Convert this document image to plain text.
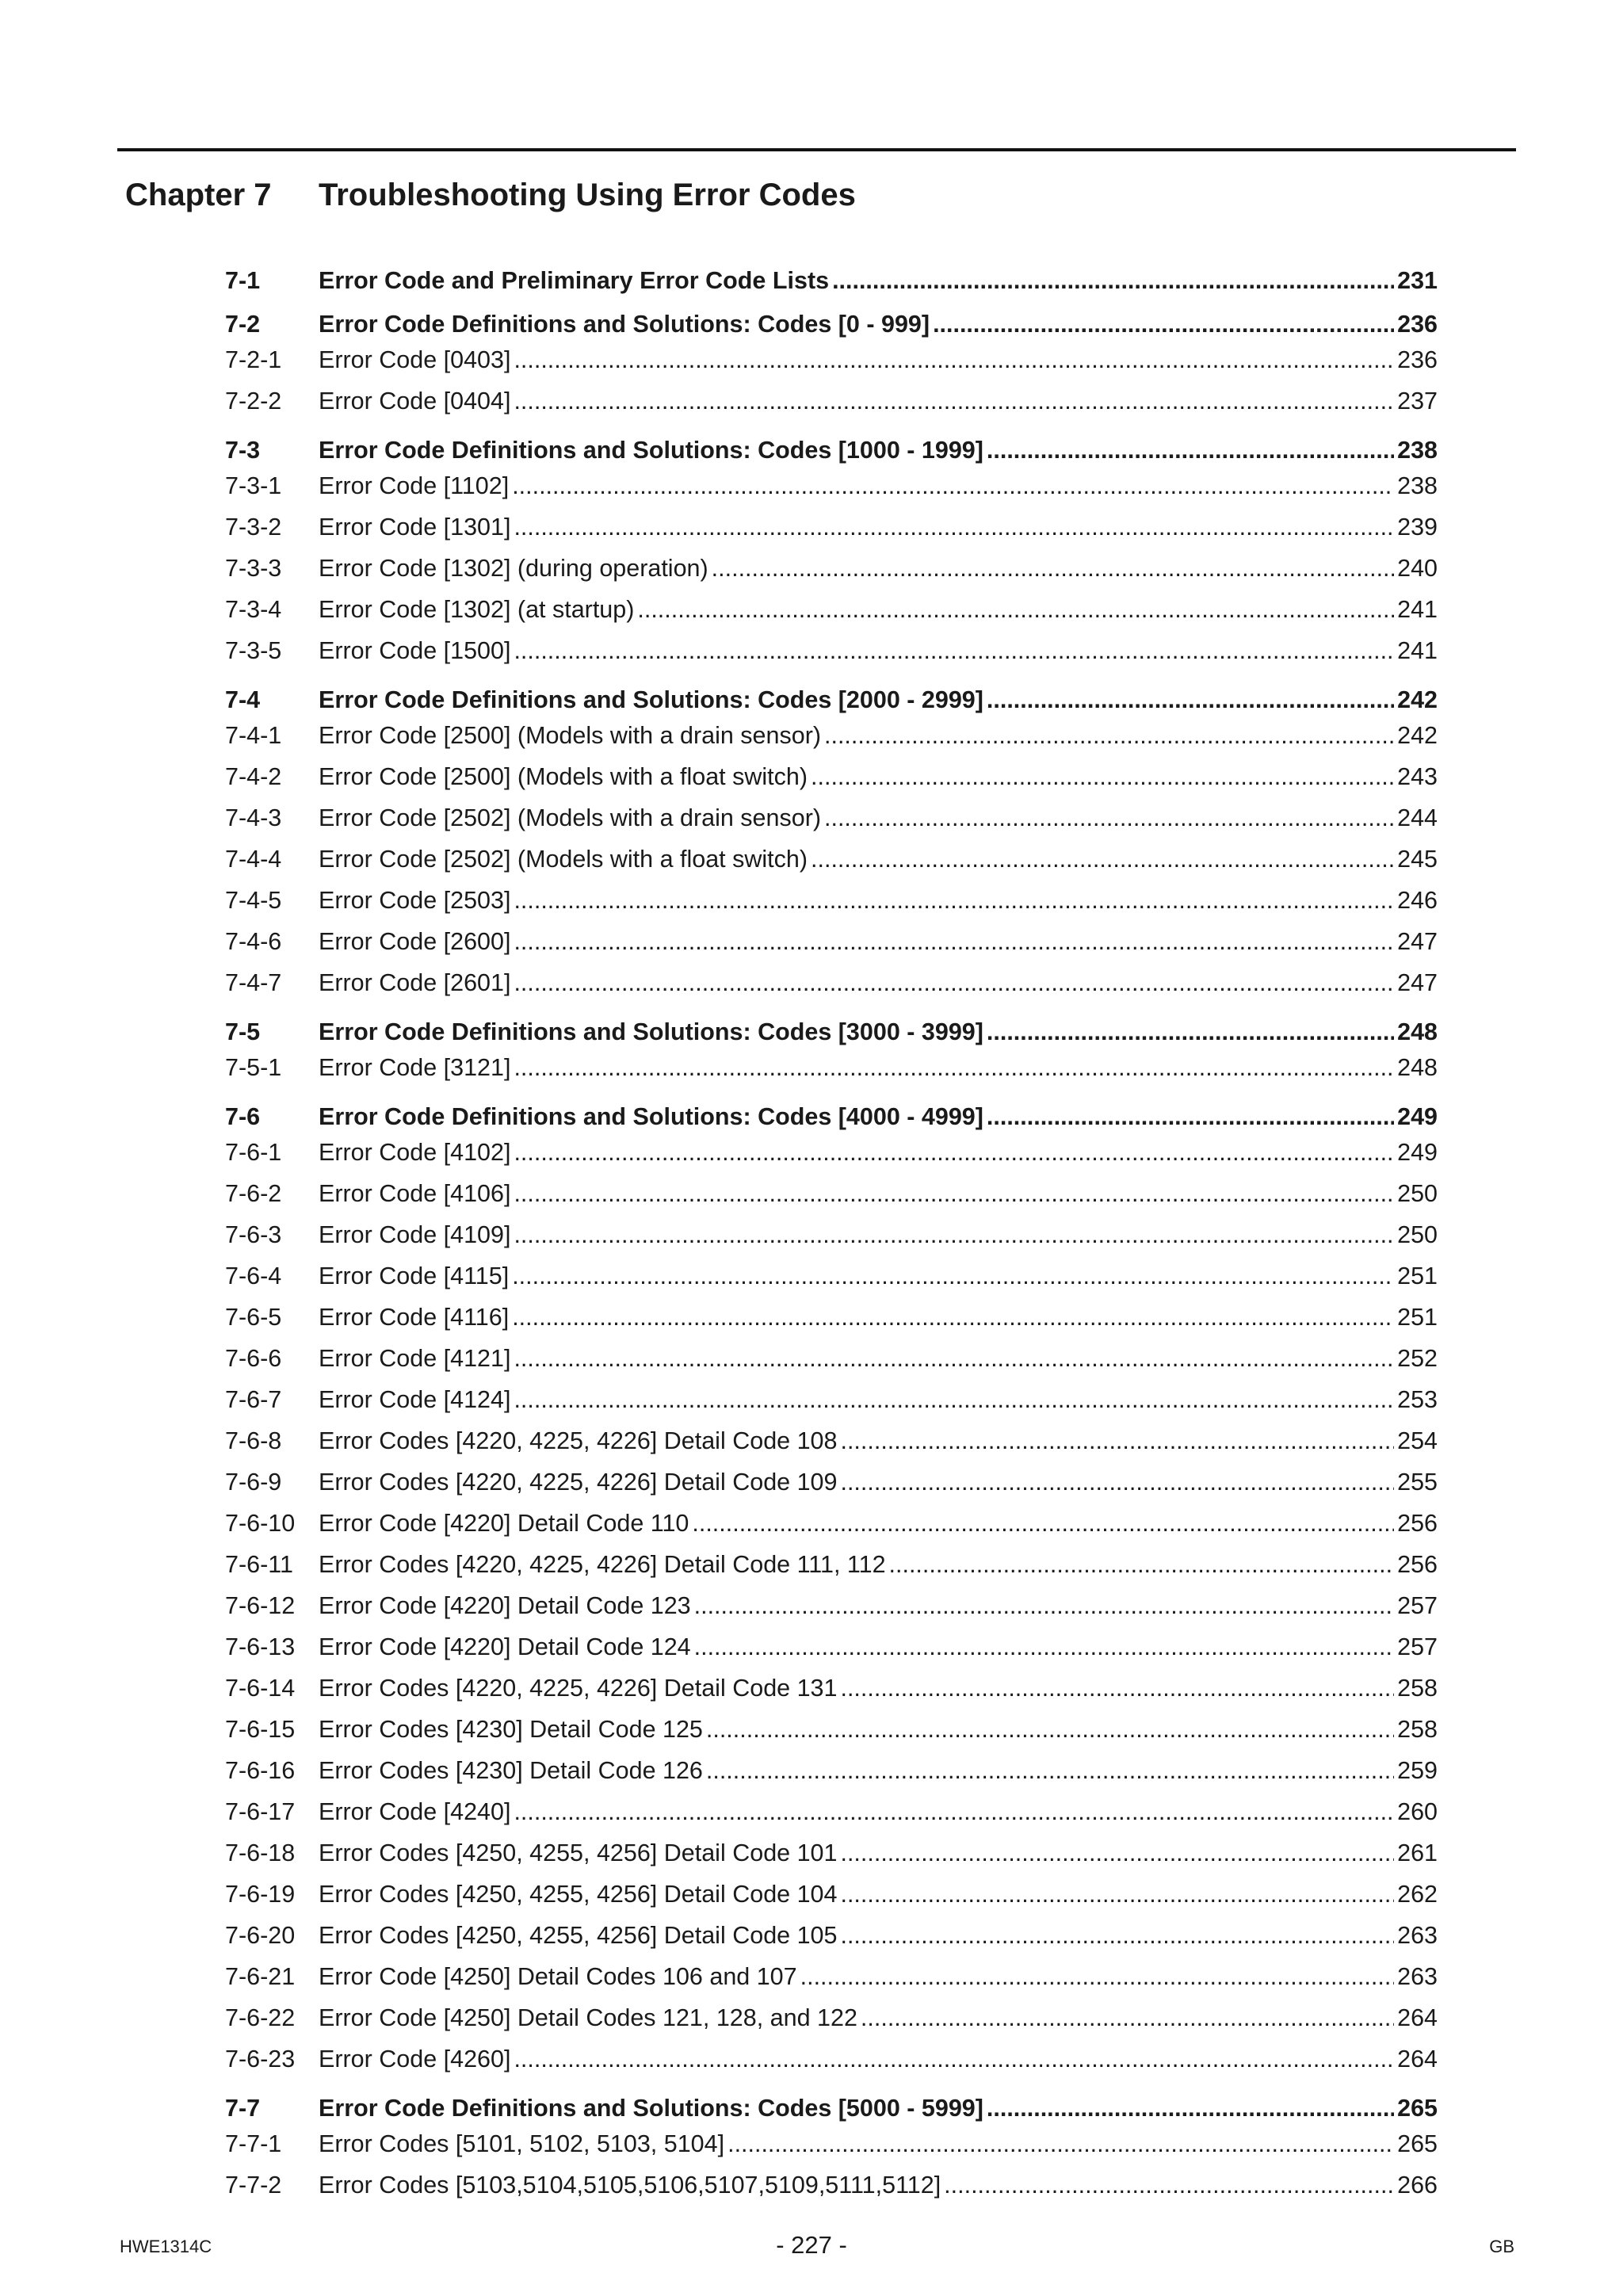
Chapter 7 Troubleshooting Using Error Codes
7-1 Error Code and Preliminary Error Code Lists .....	231
7-2 Error Code Definitions and Solutions: Codes [0 - 999] .....	236
7-2-1 Error Code [0403] .....	236
7-2-2 Error Code [0404] .....	237
7-3 Error Code Definitions and Solutions: Codes [1000 - 1999] .....	238
7-3-1 Error Code [1102] .....	238
7-3-2 Error Code [1301] .....	239
7-3-3 Error Code [1302] (during operation) .....	240
7-3-4 Error Code [1302] (at startup) .....	241
7-3-5 Error Code [1500] .....	241
7-4 Error Code Definitions and Solutions: Codes [2000 - 2999] .....	242
7-4-1 Error Code [2500] (Models with a drain sensor) .....	242
7-4-2 Error Code [2500] (Models with a float switch) .....	243
7-4-3 Error Code [2502] (Models with a drain sensor) .....	244
7-4-4 Error Code [2502] (Models with a float switch) .....	245
7-4-5 Error Code [2503] .....	246
7-4-6 Error Code [2600] .....	247
7-4-7 Error Code [2601] .....	247
7-5 Error Code Definitions and Solutions: Codes [3000 - 3999] .....	248
7-5-1 Error Code [3121] .....	248
7-6 Error Code Definitions and Solutions: Codes [4000 - 4999] .....	249
7-6-1 Error Code [4102] .....	249
7-6-2 Error Code [4106] .....	250
7-6-3 Error Code [4109] .....	250
7-6-4 Error Code [4115] .....	251
7-6-5 Error Code [4116] .....	251
7-6-6 Error Code [4121] .....	252
7-6-7 Error Code [4124] .....	253
7-6-8 Error Codes [4220, 4225, 4226] Detail Code 108 .....	254
7-6-9 Error Codes [4220, 4225, 4226] Detail Code 109 .....	255
7-6-10 Error Code [4220] Detail Code 110 .....	256
7-6-11 Error Codes [4220, 4225, 4226] Detail Code 111, 112 .....	256
7-6-12 Error Code [4220] Detail Code 123 .....	257
7-6-13 Error Code [4220] Detail Code 124 .....	257
7-6-14 Error Codes [4220, 4225, 4226] Detail Code 131 .....	258
7-6-15 Error Codes [4230] Detail Code 125 .....	258
7-6-16 Error Codes [4230] Detail Code 126 .....	259
7-6-17 Error Code [4240] .....	260
7-6-18 Error Codes [4250, 4255, 4256] Detail Code 101 .....	261
7-6-19 Error Codes [4250, 4255, 4256] Detail Code 104 .....	262
7-6-20 Error Codes [4250, 4255, 4256] Detail Code 105 .....	263
7-6-21 Error Code [4250] Detail Codes 106 and 107 .....	263
7-6-22 Error Code [4250] Detail Codes 121, 128, and 122 .....	264
7-6-23 Error Code [4260] .....	264
7-7 Error Code Definitions and Solutions: Codes [5000 - 5999] .....	265
7-7-1 Error Codes [5101, 5102, 5103, 5104] .....	265
7-7-2 Error Codes [5103,5104,5105,5106,5107,5109,5111,5112] .....	266
HWE1314C	- 227 -	GB
